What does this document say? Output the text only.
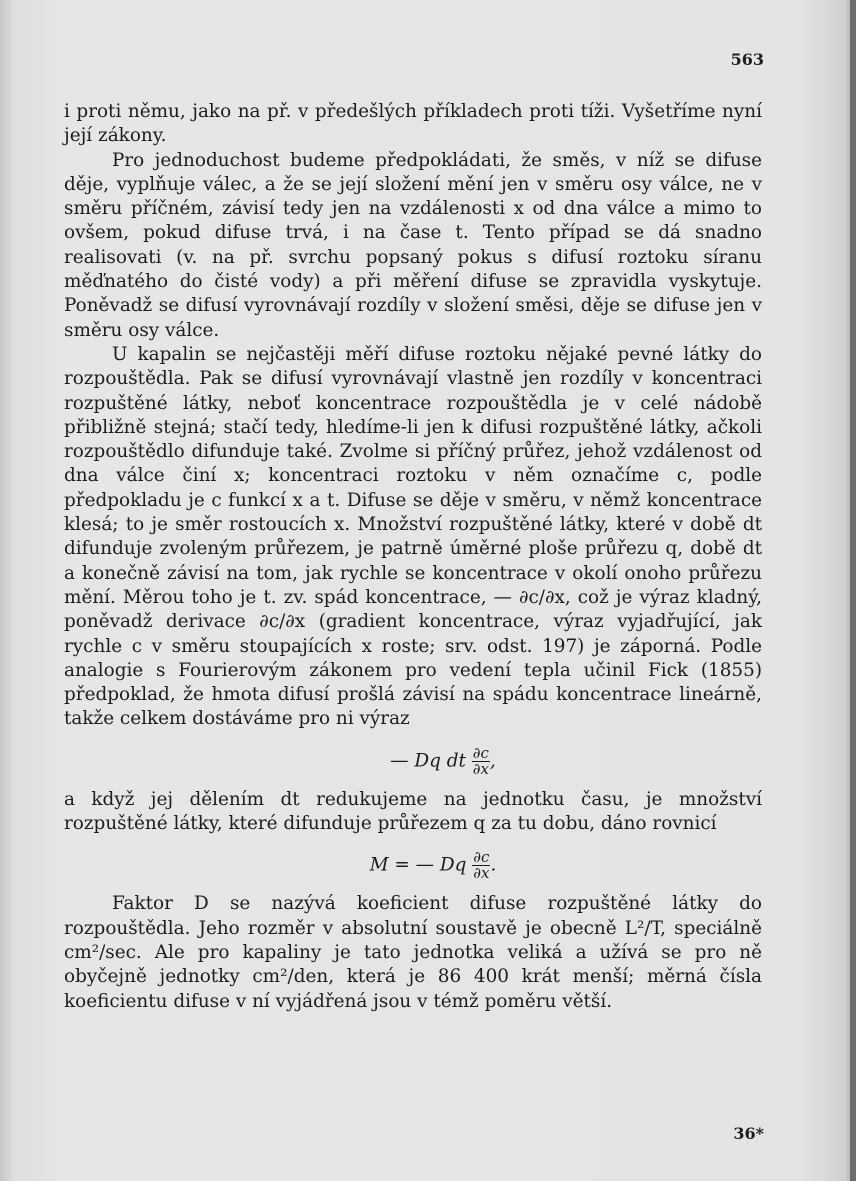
563

i proti němu, jako na př. v předešlých příkladech proti tíži. Vyšetříme nyní její zákony.

Pro jednoduchost budeme předpokládati, že směs, v níž se difuse děje, vyplňuje válec, a že se její složení mění jen v směru osy válce, ne v směru příčném, závisí tedy jen na vzdálenosti x od dna válce a mimo to ovšem, pokud difuse trvá, i na čase t. Tento případ se dá snadno realisovati (v. na př. svrchu popsaný pokus s difusí roztoku síranu měďnatého do čisté vody) a při měření difuse se zpravidla vyskytuje. Poněvadž se difusí vyrovnávají rozdíly v složení směsi, děje se difuse jen v směru osy válce.

U kapalin se nejčastěji měří difuse roztoku nějaké pevné látky do rozpouštědla. Pak se difusí vyrovnávají vlastně jen rozdíly v koncentraci rozpuštěné látky, neboť koncentrace rozpouštědla je v celé nádobě přibližně stejná; stačí tedy, hledíme-li jen k difusi rozpuštěné látky, ačkoli rozpouštědlo difunduje také. Zvolme si příčný průřez, jehož vzdálenost od dna válce činí x; koncentraci roztoku v něm označíme c, podle předpokladu je c funkcí x a t. Difuse se děje v směru, v němž koncentrace klesá; to je směr rostoucích x. Množství rozpuštěné látky, které v době dt difunduje zvoleným průřezem, je patrně úměrné ploše průřezu q, době dt a konečně závisí na tom, jak rychle se koncentrace v okolí onoho průřezu mění. Měrou toho je t. zv. spád koncentrace, — ∂c/∂x, což je výraz kladný, poněvadž derivace ∂c/∂x (gradient koncentrace, výraz vyjadřující, jak rychle c v směru stoupajících x roste; srv. odst. 197) je záporná. Podle analogie s Fourierovým zákonem pro vedení tepla učinil Fick (1855) předpoklad, že hmota difusí prošlá závisí na spádu koncentrace lineárně, takže celkem dostáváme pro ni výraz

— Dq dt $\frac{\partial c}{\partial x}$ ,

a když jej dělením dt redukujeme na jednotku času, je množství rozpuštěné látky, které difunduje průřezem q za tu dobu, dáno rovnicí

M = — Dq $\frac{\partial c}{\partial x}$ .

Faktor D se nazývá koeficient difuse rozpuštěné látky do rozpouštědla. Jeho rozměr v absolutní soustavě je obecně L²/T, speciálně cm²/sec. Ale pro kapaliny je tato jednotka veliká a užívá se pro ně obyčejně jednotky cm²/den, která je 86 400 krát menší; měrná čísla koeficientu difuse v ní vyjádřená jsou v témž poměru větší.

36*
